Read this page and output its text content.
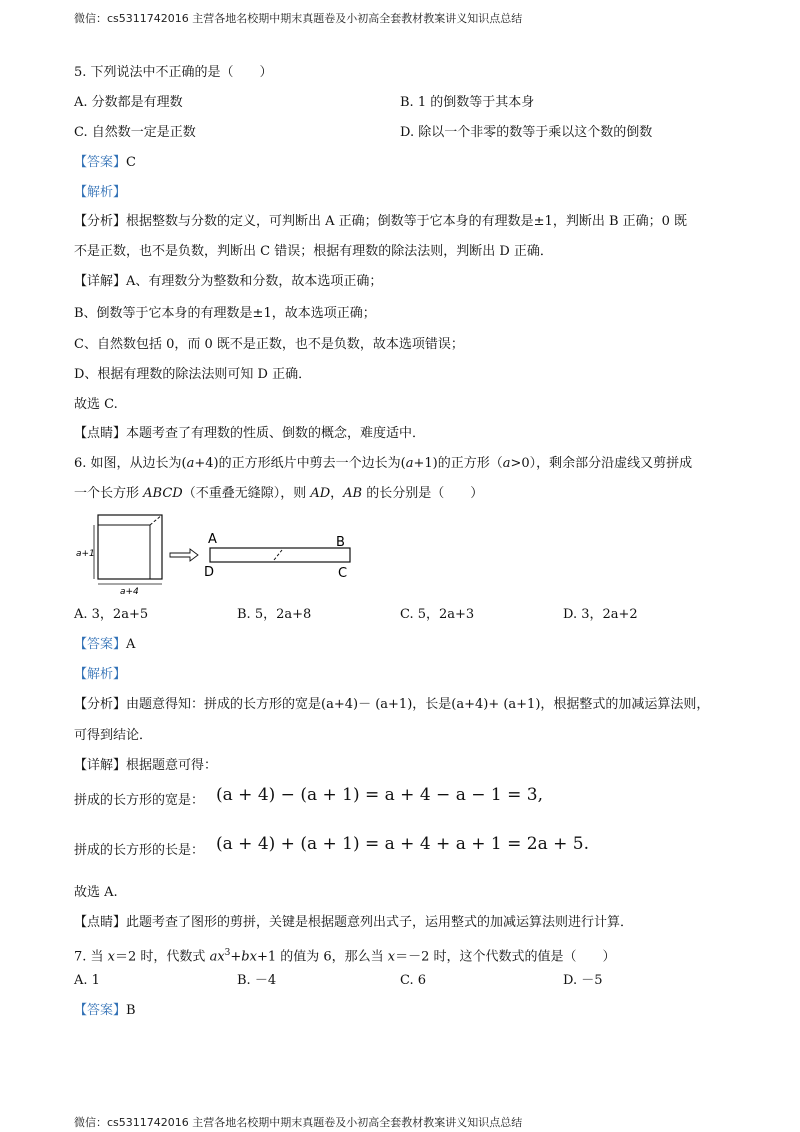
微信：cs5311742016 主营各地名校期中期末真题卷及小初高全套教材教案讲义知识点总结
5. 下列说法中不正确的是（　　）
A. 分数都是有理数	B. 1 的倒数等于其本身
C. 自然数一定是正数	D. 除以一个非零的数等于乘以这个数的倒数
【答案】C
【解析】
【分析】根据整数与分数的定义，可判断出 A 正确；倒数等于它本身的有理数是±1，判断出 B 正确；0 既
不是正数，也不是负数，判断出 C 错误；根据有理数的除法法则，判断出 D 正确．
【详解】A、有理数分为整数和分数，故本选项正确；
B、倒数等于它本身的有理数是±1，故本选项正确；
C、自然数包括 0，而 0 既不是正数，也不是负数，故本选项错误；
D、根据有理数的除法法则可知 D 正确．
故选 C.
【点睛】本题考查了有理数的性质、倒数的概念，难度适中．
6. 如图，从边长为(a+4)的正方形纸片中剪去一个边长为(a+1)的正方形（a>0），剩余部分沿虚线又剪拼成
一个长方形 ABCD（不重叠无缝隙），则 AD，AB 的长分别是（　　）
a+1
a+4
A	B
C
D
A. 3，2a+5	B. 5，2a+8	C. 5，2a+3	D. 3，2a+2
【答案】A
【解析】
【分析】由题意得知：拼成的长方形的宽是(a+4)－ (a+1)，长是(a+4)+ (a+1)，根据整式的加减运算法则，
可得到结论．
【详解】根据题意可得：
拼成的长方形的宽是： (a + 4) − (a + 1) = a + 4 − a − 1 = 3,
拼成的长方形的长是： (a + 4) + (a + 1) = a + 4 + a + 1 = 2a + 5.
故选 A.
【点睛】此题考查了图形的剪拼，关键是根据题意列出式子，运用整式的加减运算法则进行计算．
7. 当 x＝2 时，代数式 $ax^3+bx+1$ 的值为 6，那么当 x＝－2 时，这个代数式的值是（　　）
A. 1	B. －4	C. 6	D. －5
【答案】B
微信：cs5311742016 主营各地名校期中期末真题卷及小初高全套教材教案讲义知识点总结
